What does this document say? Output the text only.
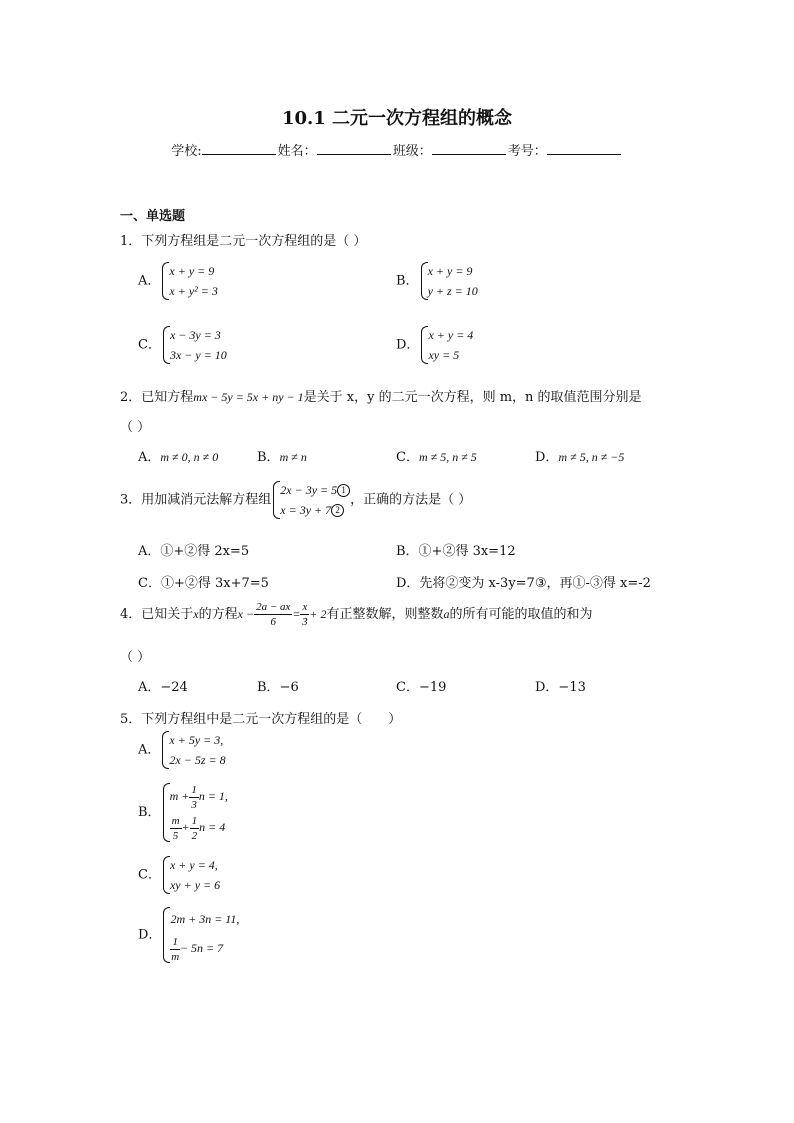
10.1 二元一次方程组的概念
学校:	姓名：	班级：	考号：
一、单选题
1．下列方程组是二元一次方程组的是（ ）
A．
x + y = 9
x + y² = 3
B．
x + y = 9
y + z = 10
C．
x − 3y = 3
3x − y = 10
D．
x + y = 4
xy = 5
2．已知方程mx − 5y = 5x + ny − 1是关于 x，y 的二元一次方程，则 m，n 的取值范围分别是
（ ）
A．m ≠ 0, n ≠ 0	B．m ≠ n	C．m ≠ 5, n ≠ 5	D．m ≠ 5, n ≠ −5
3．用加减消元法解方程组
2x − 3y = 5 1
x = 3y + 7 2
，正确的方法是（ ）
A．①+②得 2x=5	B．①+②得 3x=12
C．①+②得 3x+7=5	D．先将②变为 x-3y=7③，再①-③得 x=-2
4．已知关于x的方程$x - \frac{2a - ax}{6} = \frac{x}{3} + 2$有正整数解，则整数a的所有可能的取值的和为
（ ）
A．−24	B．−6	C．−19	D．−13
5．下列方程组中是二元一次方程组的是（　　）
A．
x + 5y = 3,
2x − 5z = 8
B．
$m + \frac{1}{3}$ n = 1,
$\frac{m}{5} + \frac{1}{2}$ n = 4
C．
x + y = 4,
xy + y = 6
D．
2m + 3n = 11,
$\frac{1}{m} - 5n = 7$
